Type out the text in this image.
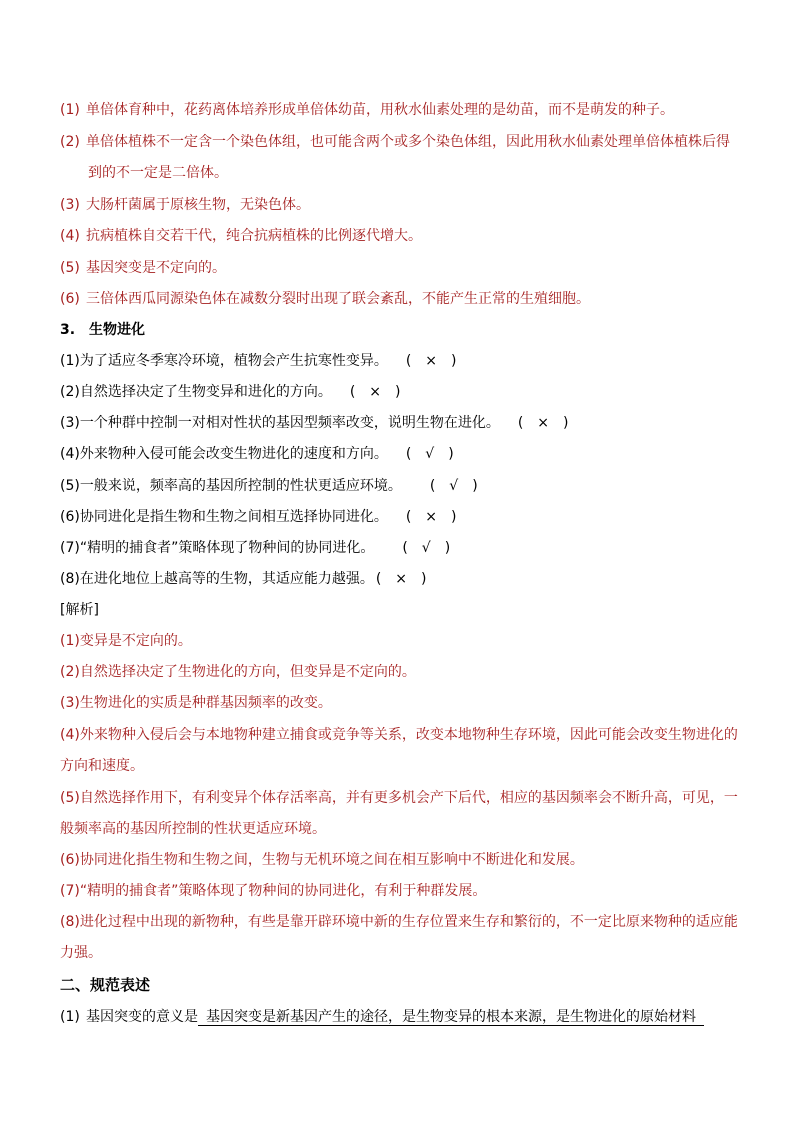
(1) 单倍体育种中，花药离体培养形成单倍体幼苗，用秋水仙素处理的是幼苗，而不是萌发的种子。
(2) 单倍体植株不一定含一个染色体组，也可能含两个或多个染色体组，因此用秋水仙素处理单倍体植株后得
到的不一定是二倍体。
(3) 大肠杆菌属于原核生物，无染色体。
(4) 抗病植株自交若干代，纯合抗病植株的比例逐代增大。
(5) 基因突变是不定向的。
(6) 三倍体西瓜同源染色体在减数分裂时出现了联会紊乱，不能产生正常的生殖细胞。
3.　生物进化
(1)为了适应冬季寒冷环境，植物会产生抗寒性变异。 (　×　)
(2)自然选择决定了生物变异和进化的方向。 (　×　)
(3)一个种群中控制一对相对性状的基因型频率改变，说明生物在进化。 (　×　)
(4)外来物种入侵可能会改变生物进化的速度和方向。 (　√　)
(5)一般来说，频率高的基因所控制的性状更适应环境。 (　√　)
(6)协同进化是指生物和生物之间相互选择协同进化。 (　×　)
(7)“精明的捕食者”策略体现了物种间的协同进化。 (　√　)
(8)在进化地位上越高等的生物，其适应能力越强。 (　×　)
[解析]
(1)变异是不定向的。
(2)自然选择决定了生物进化的方向，但变异是不定向的。
(3)生物进化的实质是种群基因频率的改变。
(4)外来物种入侵后会与本地物种建立捕食或竞争等关系，改变本地物种生存环境，因此可能会改变生物进化的
方向和速度。
(5)自然选择作用下，有利变异个体存活率高，并有更多机会产下后代，相应的基因频率会不断升高，可见，一
般频率高的基因所控制的性状更适应环境。
(6)协同进化指生物和生物之间，生物与无机环境之间在相互影响中不断进化和发展。
(7)“精明的捕食者”策略体现了物种间的协同进化，有利于种群发展。
(8)进化过程中出现的新物种，有些是靠开辟环境中新的生存位置来生存和繁衍的，不一定比原来物种的适应能
力强。
二、规范表述
(1) 基因突变的意义是 基因突变是新基因产生的途径，是生物变异的根本来源，是生物进化的原始材料
